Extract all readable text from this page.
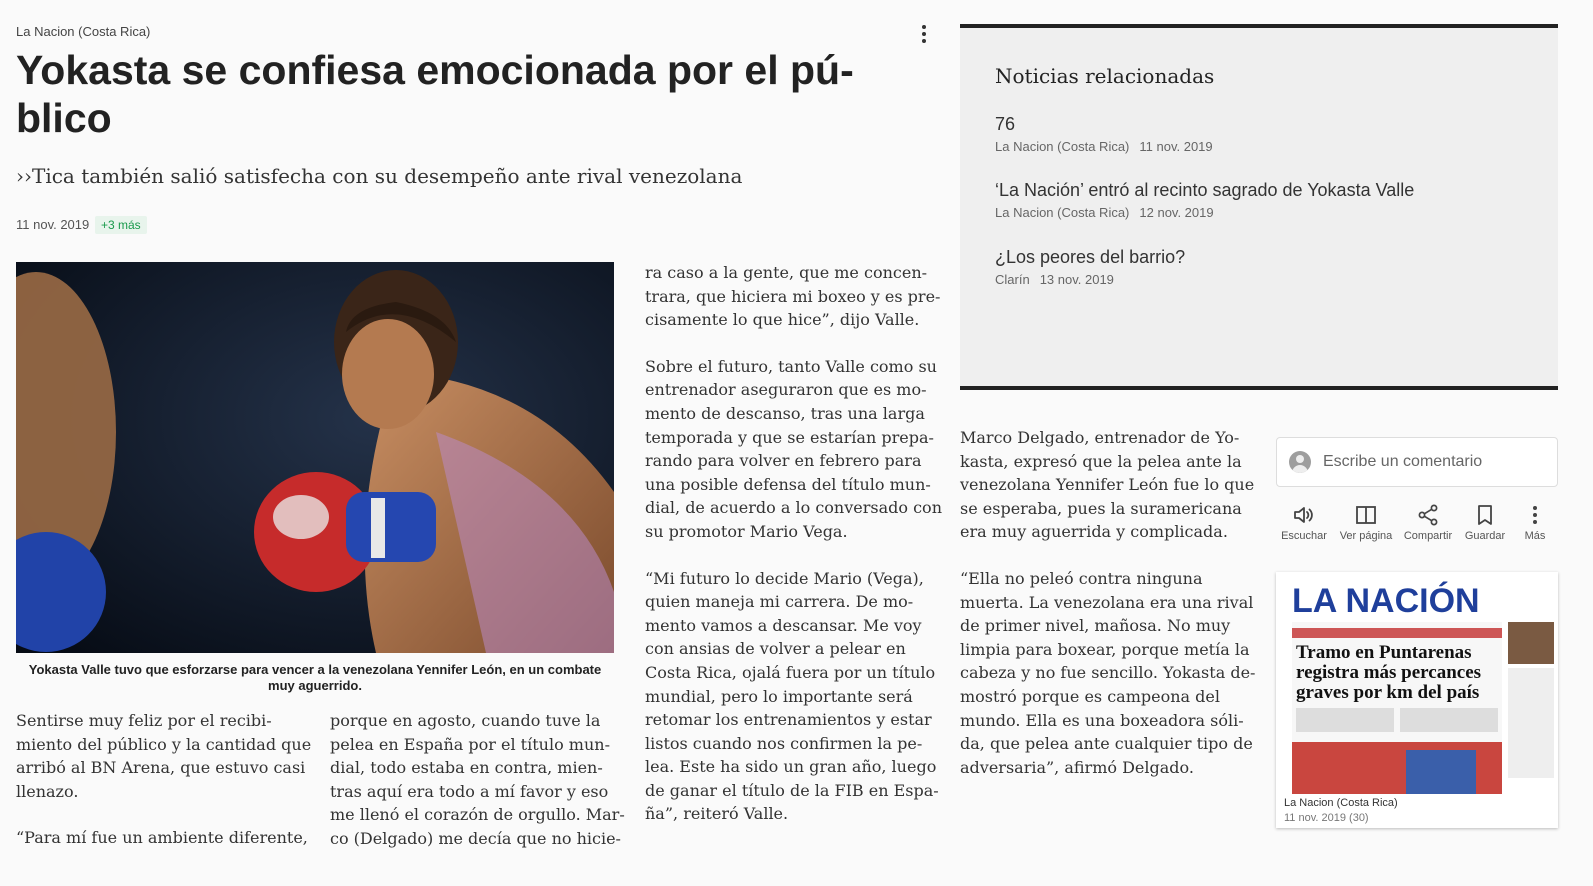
La Nacion (Costa Rica)
Yokasta se confiesa emocionada por el pú-
blico
››Tica también salió satisfecha con su desempeño ante rival venezolana
11 nov. 2019 +3 más
Yokasta Valle tuvo que esforzarse para vencer a la venezolana Yennifer León, en un combate muy aguerrido.

Sentirse muy feliz por el recibi-
miento del público y la cantidad que
arribó al BN Arena, que estuvo casi
llenazo.

“Para mí fue un ambiente diferente,

porque en agosto, cuando tuve la
pelea en España por el título mun-
dial, todo estaba en contra, mien-
tras aquí era todo a mí favor y eso
me llenó el corazón de orgullo. Mar-
co (Delgado) me decía que no hicie-

ra caso a la gente, que me concen-
trara, que hiciera mi boxeo y es pre-
cisamente lo que hice”, dijo Valle.

Sobre el futuro, tanto Valle como su
entrenador aseguraron que es mo-
mento de descanso, tras una larga
temporada y que se estarían prepa-
rando para volver en febrero para
una posible defensa del título mun-
dial, de acuerdo a lo conversado con
su promotor Mario Vega.

“Mi futuro lo decide Mario (Vega),
quien maneja mi carrera. De mo-
mento vamos a descansar. Me voy
con ansias de volver a pelear en
Costa Rica, ojalá fuera por un título
mundial, pero lo importante será
retomar los entrenamientos y estar
listos cuando nos confirmen la pe-
lea. Este ha sido un gran año, luego
de ganar el título de la FIB en Espa-
ña”, reiteró Valle.

Marco Delgado, entrenador de Yo-
kasta, expresó que la pelea ante la
venezolana Yennifer León fue lo que
se esperaba, pues la suramericana
era muy aguerrida y complicada.

“Ella no peleó contra ninguna
muerta. La venezolana era una rival
de primer nivel, mañosa. No muy
limpia para boxear, porque metía la
cabeza y no fue sencillo. Yokasta de-
mostró porque es campeona del
mundo. Ella es una boxeadora sóli-
da, que pelea ante cualquier tipo de
adversaria”, afirmó Delgado.

Noticias relacionadas
76
La Nacion (Costa Rica) 11 nov. 2019
‘La Nación’ entró al recinto sagrado de Yokasta Valle
La Nacion (Costa Rica) 12 nov. 2019
¿Los peores del barrio?
Clarín 13 nov. 2019
Escribe un comentario
Escuchar Ver página Compartir Guardar Más
LA NACIÓN
Tramo en Puntarenas
registra más percances
graves por km del país
La Nacion (Costa Rica)
11 nov. 2019 (30)
